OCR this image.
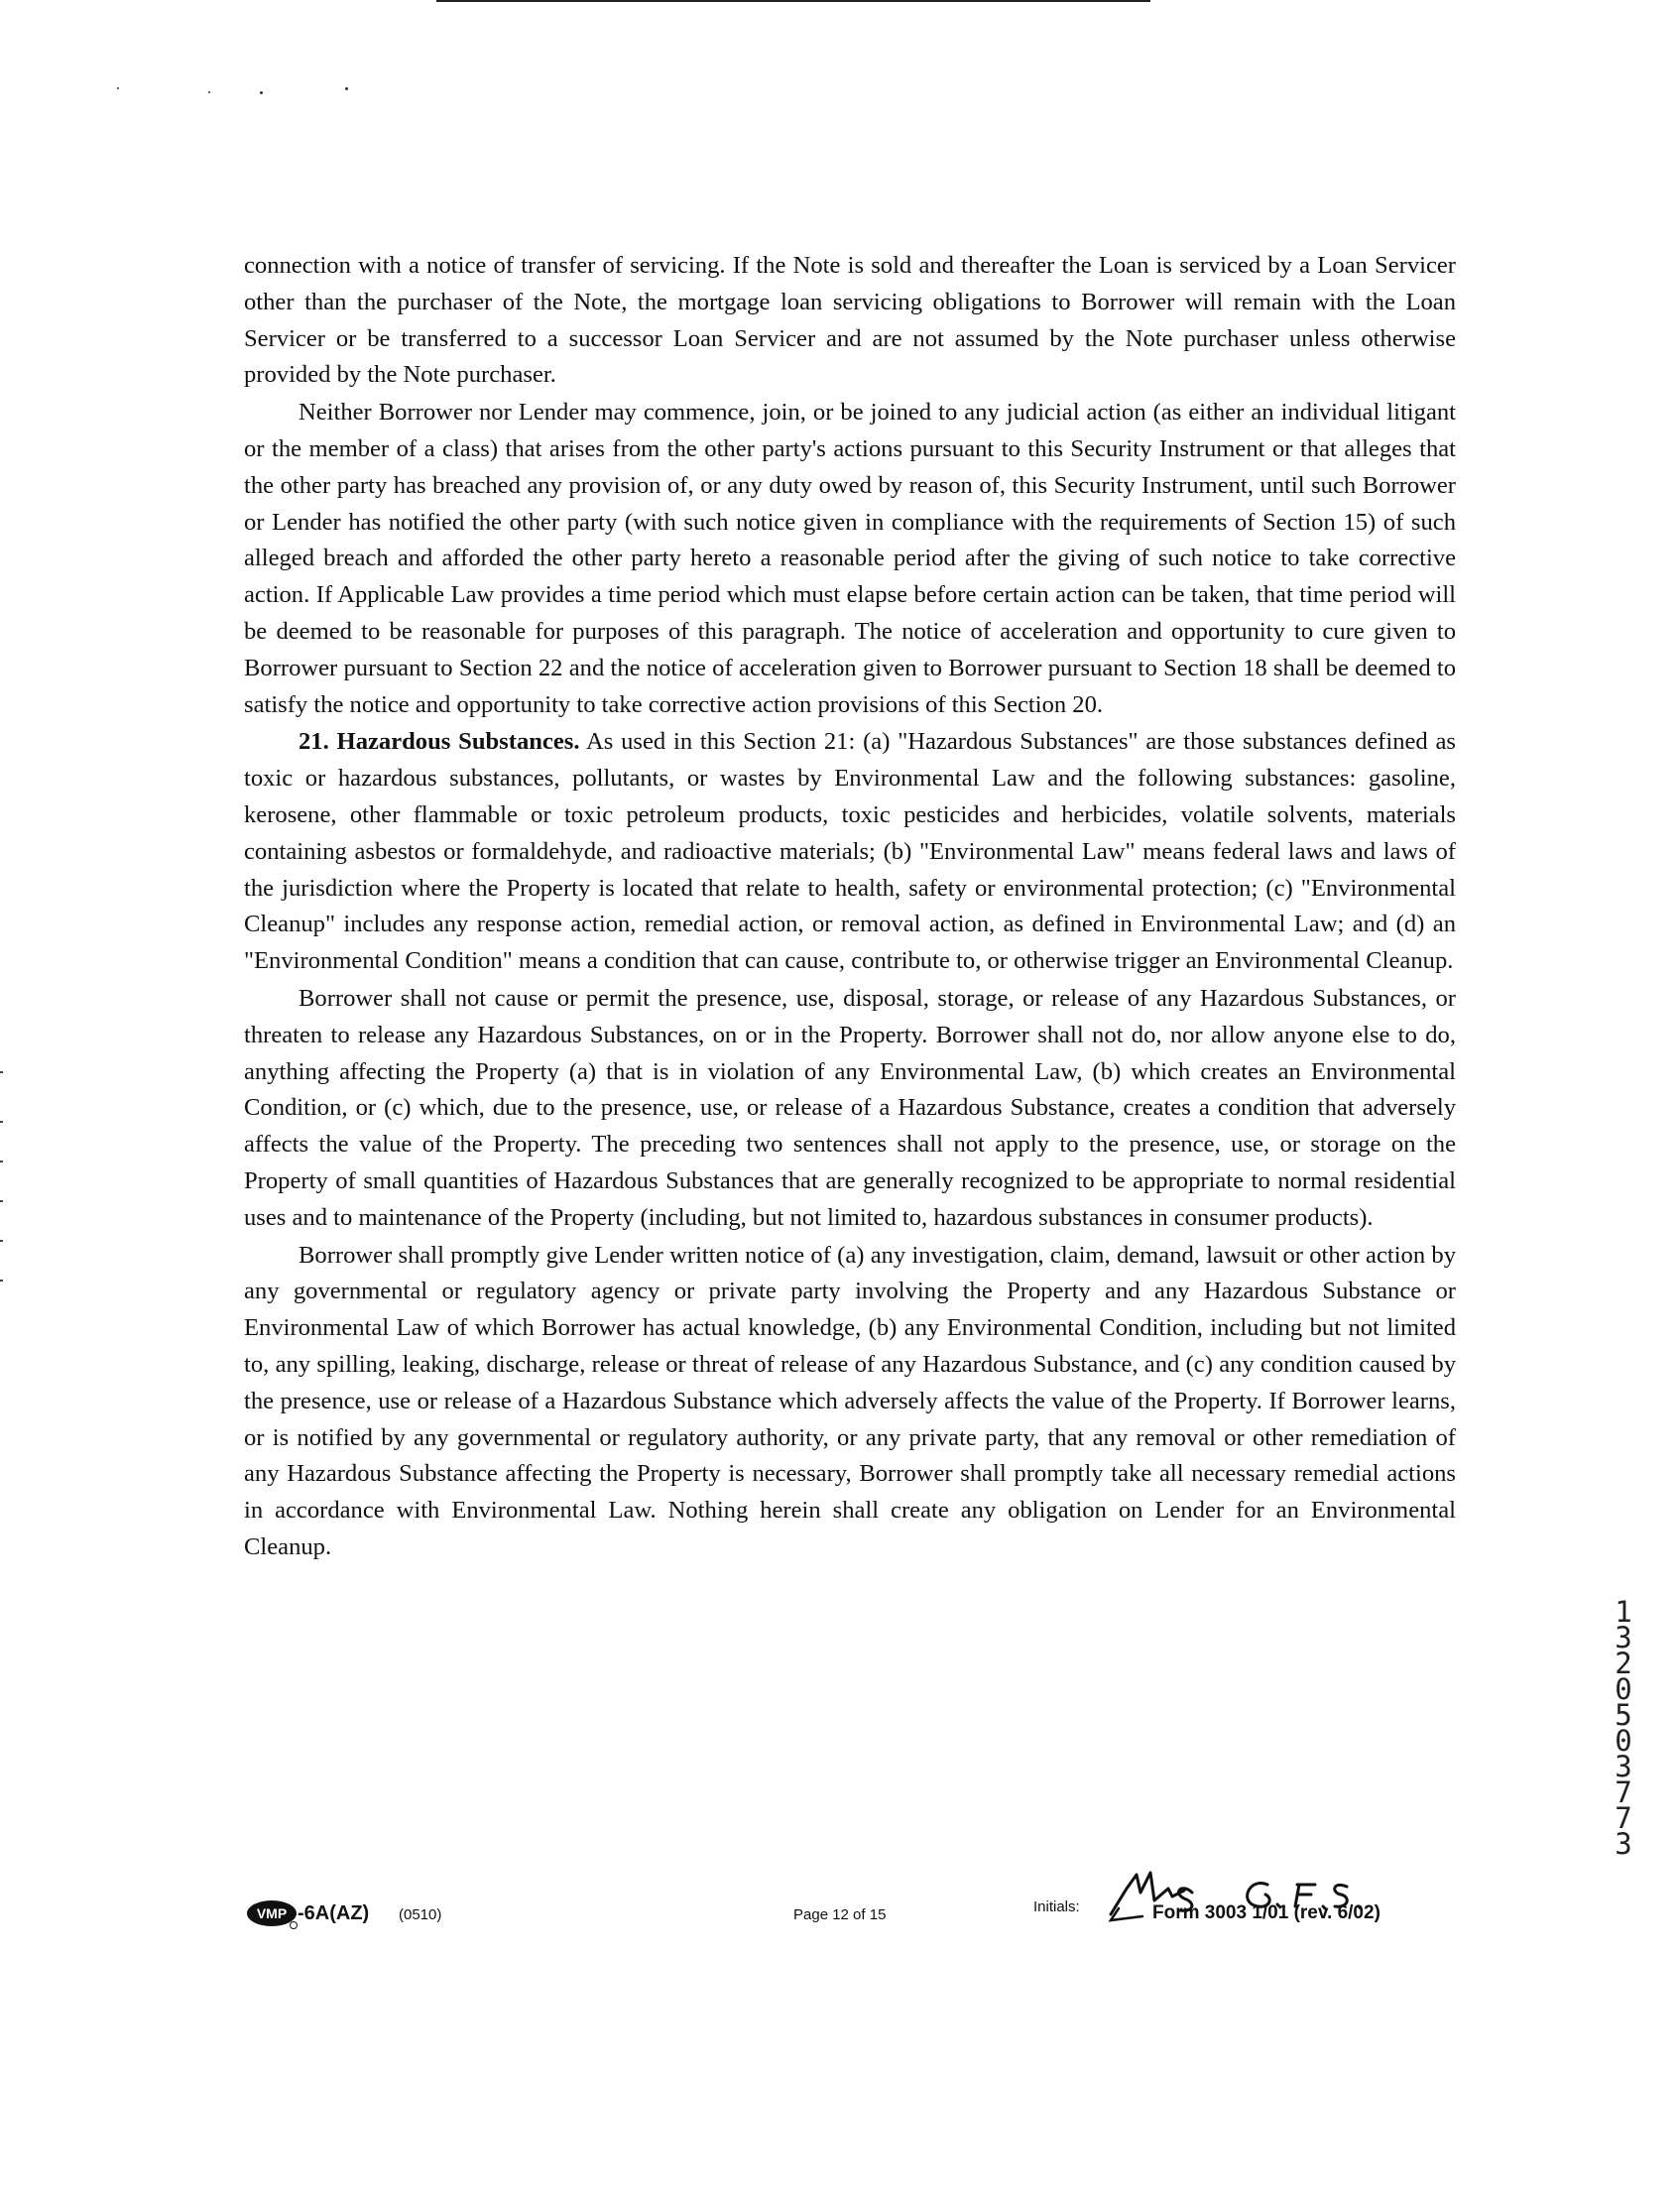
connection with a notice of transfer of servicing. If the Note is sold and thereafter the Loan is serviced by a Loan Servicer other than the purchaser of the Note, the mortgage loan servicing obligations to Borrower will remain with the Loan Servicer or be transferred to a successor Loan Servicer and are not assumed by the Note purchaser unless otherwise provided by the Note purchaser.

Neither Borrower nor Lender may commence, join, or be joined to any judicial action (as either an individual litigant or the member of a class) that arises from the other party's actions pursuant to this Security Instrument or that alleges that the other party has breached any provision of, or any duty owed by reason of, this Security Instrument, until such Borrower or Lender has notified the other party (with such notice given in compliance with the requirements of Section 15) of such alleged breach and afforded the other party hereto a reasonable period after the giving of such notice to take corrective action. If Applicable Law provides a time period which must elapse before certain action can be taken, that time period will be deemed to be reasonable for purposes of this paragraph. The notice of acceleration and opportunity to cure given to Borrower pursuant to Section 22 and the notice of acceleration given to Borrower pursuant to Section 18 shall be deemed to satisfy the notice and opportunity to take corrective action provisions of this Section 20.

21. Hazardous Substances. As used in this Section 21: (a) "Hazardous Substances" are those substances defined as toxic or hazardous substances, pollutants, or wastes by Environmental Law and the following substances: gasoline, kerosene, other flammable or toxic petroleum products, toxic pesticides and herbicides, volatile solvents, materials containing asbestos or formaldehyde, and radioactive materials; (b) "Environmental Law" means federal laws and laws of the jurisdiction where the Property is located that relate to health, safety or environmental protection; (c) "Environmental Cleanup" includes any response action, remedial action, or removal action, as defined in Environmental Law; and (d) an "Environmental Condition" means a condition that can cause, contribute to, or otherwise trigger an Environmental Cleanup.

Borrower shall not cause or permit the presence, use, disposal, storage, or release of any Hazardous Substances, or threaten to release any Hazardous Substances, on or in the Property. Borrower shall not do, nor allow anyone else to do, anything affecting the Property (a) that is in violation of any Environmental Law, (b) which creates an Environmental Condition, or (c) which, due to the presence, use, or release of a Hazardous Substance, creates a condition that adversely affects the value of the Property. The preceding two sentences shall not apply to the presence, use, or storage on the Property of small quantities of Hazardous Substances that are generally recognized to be appropriate to normal residential uses and to maintenance of the Property (including, but not limited to, hazardous substances in consumer products).

Borrower shall promptly give Lender written notice of (a) any investigation, claim, demand, lawsuit or other action by any governmental or regulatory agency or private party involving the Property and any Hazardous Substance or Environmental Law of which Borrower has actual knowledge, (b) any Environmental Condition, including but not limited to, any spilling, leaking, discharge, release or threat of release of any Hazardous Substance, and (c) any condition caused by the presence, use or release of a Hazardous Substance which adversely affects the value of the Property. If Borrower learns, or is notified by any governmental or regulatory authority, or any private party, that any removal or other remediation of any Hazardous Substance affecting the Property is necessary, Borrower shall promptly take all necessary remedial actions in accordance with Environmental Law. Nothing herein shall create any obligation on Lender for an Environmental Cleanup.

VMP -6A(AZ) (0510)	Page 12 of 15	Initials:	Form 3003 1/01 (rev. 6/02)
13205 03773
